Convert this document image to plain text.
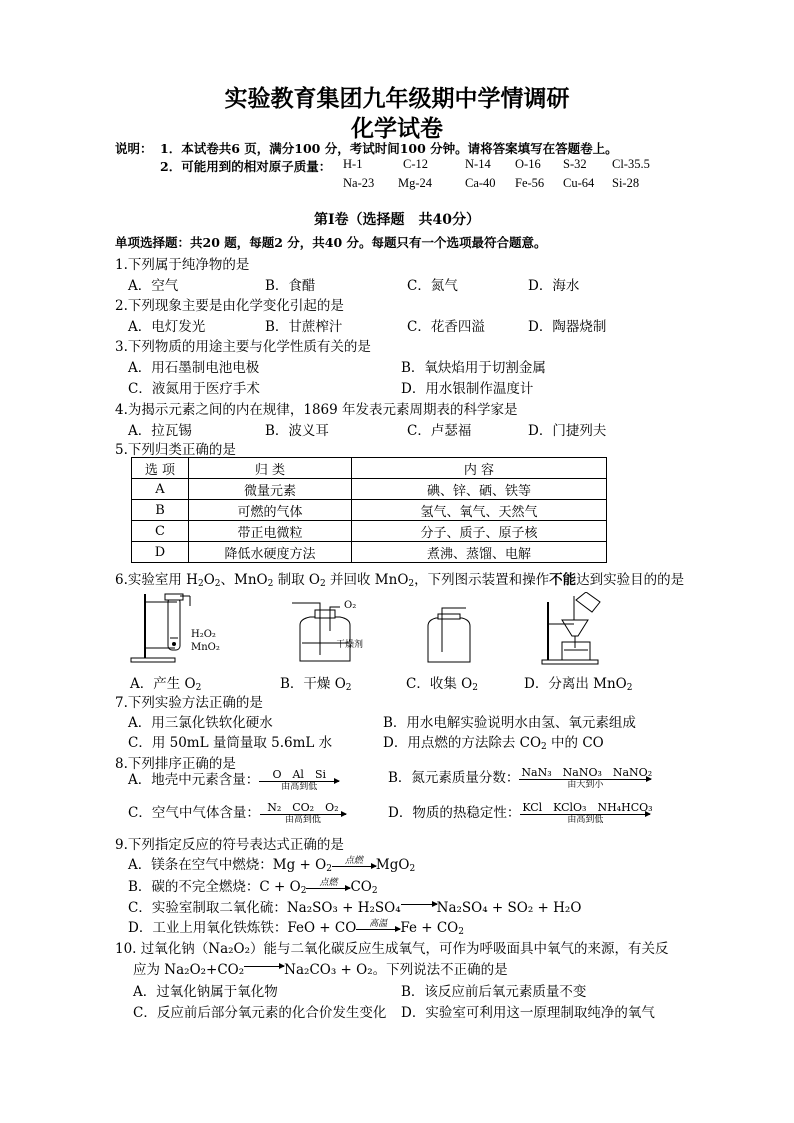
实验教育集团九年级期中学情调研
化学试卷
说明： 1．本试卷共6 页，满分100 分，考试时间100 分钟。请将答案填写在答题卷上。
2．可能用到的相对原子质量： H-1	C-12	N-14 O-16 S-32 Cl-35.5
Na-23 Mg-24	Ca-40 Fe-56 Cu-64 Si-28
第Ⅰ卷（选择题　共40分）
单项选择题：共20 题，每题2 分，共40 分。每题只有一个选项最符合题意。
1.下列属于纯净物的是
A．空气	B．食醋	C．氮气	D．海水
2.下列现象主要是由化学变化引起的是
A．电灯发光	B．甘蔗榨汁	C．花香四溢	D．陶器烧制
3.下列物质的用途主要与化学性质有关的是
A．用石墨制电池电极	B．氧炔焰用于切割金属
C．液氮用于医疗手术	D．用水银制作温度计
4.为揭示元素之间的内在规律，1869 年发表元素周期表的科学家是
A．拉瓦锡	B．波义耳	C．卢瑟福	D．门捷列夫
5.下列归类正确的是
选 项	归 类	内 容
A	微量元素	碘、锌、硒、铁等
B	可燃的气体	氢气、氧气、天然气
C	带正电微粒	分子、质子、原子核
D	降低水硬度方法	煮沸、蒸馏、电解
6.实验室用 $H_2O_2$、MnO$_2$ 制取 $O_2$ 并回收 MnO$_2$，下列图示装置和操作不能达到实验目的的是
H₂O₂
MnO₂
O₂
干燥剂
A．产生 $O_2$	B．干燥 $O_2$	C．收集 $O_2$	D．分离出 MnO$_2$
7.下列实验方法正确的是
A．用三氯化铁软化硬水	B．用水电解实验说明水由氢、氧元素组成
C．用 50mL 量筒量取 5.6mL 水	D．用点燃的方法除去 $CO_2$ 中的 CO
8.下列排序正确的是
A．地壳中元素含量：	O　Al　Si
由高到低
B．氮元素质量分数： NaN₃　NaNO₃　NaNO₂
由大到小
C．空气中气体含量： N₂　CO₂　O₂
由高到低	D．物质的热稳定性： KCl　KClO₃　NH₄HCO₃
由高到低
9.下列指定反应的符号表达式正确的是
A．镁条在空气中燃烧：$Mg + O_2$
点燃 MgO$_2$
B．碳的不完全燃烧：$C + O_2$
点燃 $CO_2$
C．实验室制取二氧化硫：Na₂SO₃ + H₂SO₄→Na₂SO₄ + SO₂ + H₂O
D．工业上用氧化铁炼铁：FeO + CO	高温 $Fe + CO_2$
10. 过氧化钠（Na₂O₂）能与二氧化碳反应生成氧气，可作为呼吸面具中氧气的来源，有关反
应为 Na₂O₂+CO₂→Na₂CO₃ + O₂。下列说法不正确的是
A．过氧化钠属于氧化物	B．该反应前后氧元素质量不变
C．反应前后部分氧元素的化合价发生变化 D．实验室可利用这一原理制取纯净的氧气
